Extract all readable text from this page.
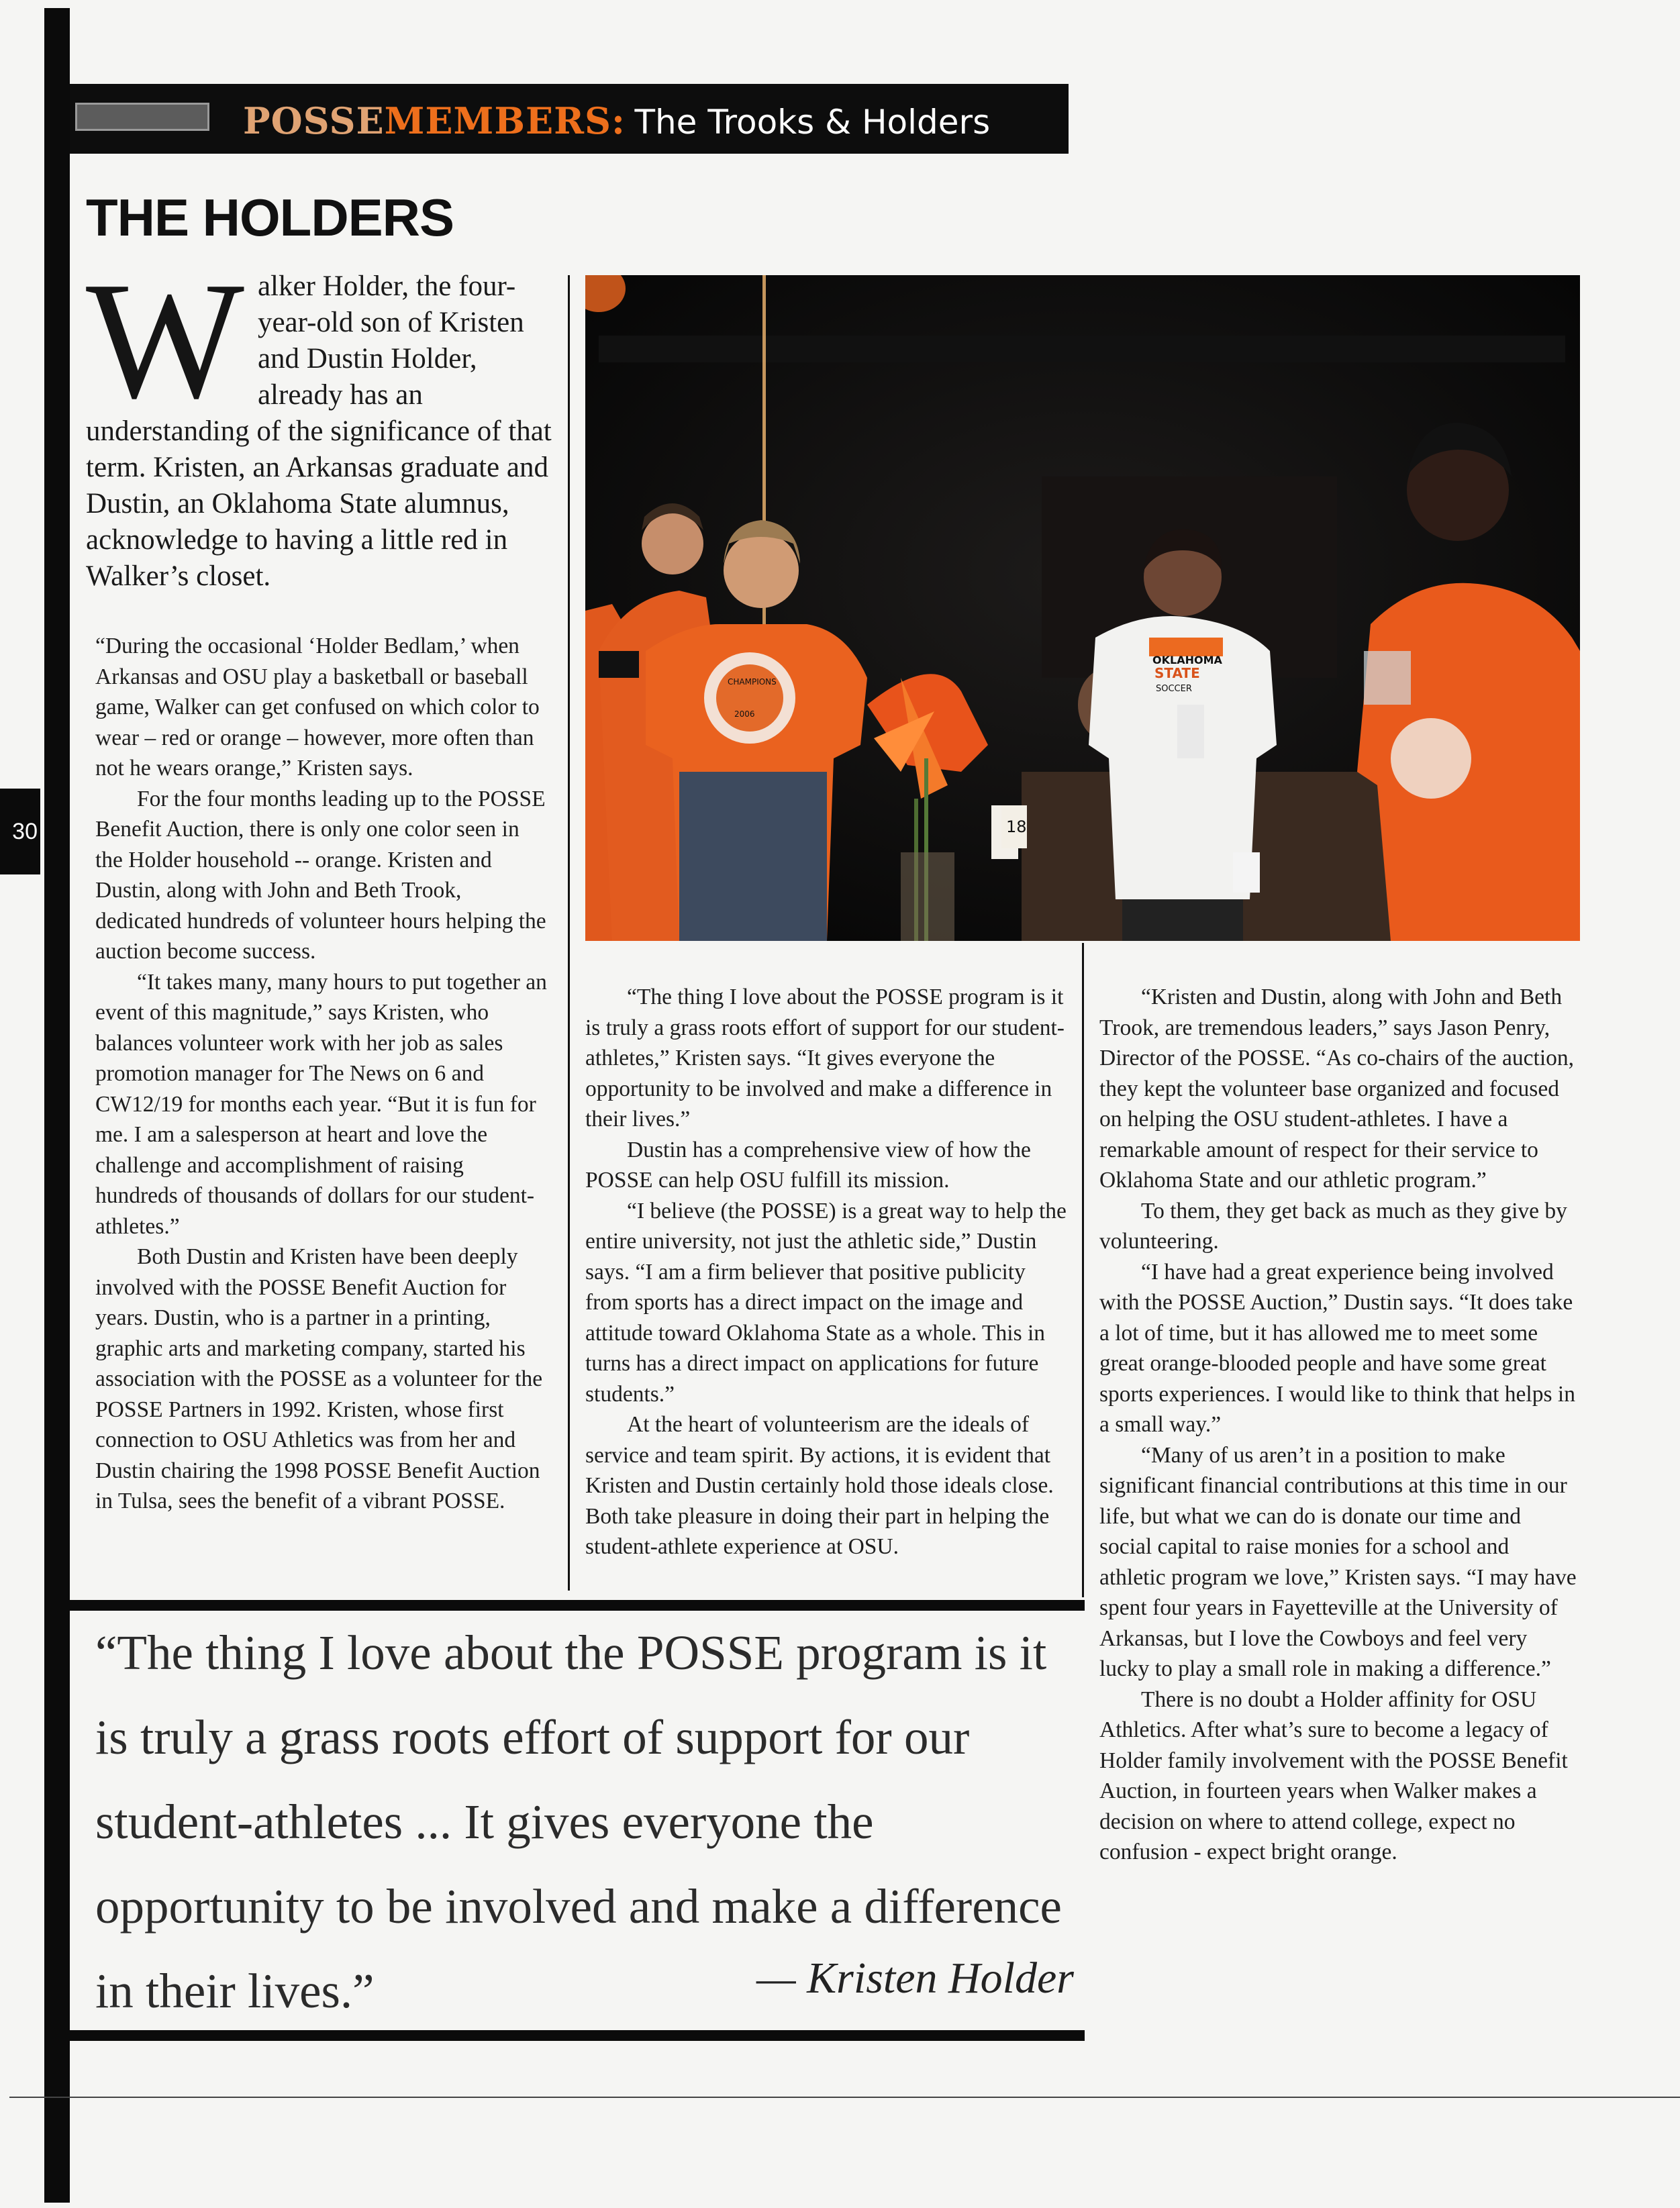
30
POSSEMEMBERS: The Trooks & Holders
THE HOLDERS

Walker Holder, the four-year-old son of Kristen and Dustin Holder, already has an understanding of the significance of that term. Kristen, an Arkansas graduate and Dustin, an Oklahoma State alumnus, acknowledge to having a little red in Walker’s closet.

“During the occasional ‘Holder Bedlam,’ when Arkansas and OSU play a basketball or baseball game, Walker can get confused on which color to wear – red or orange – however, more often than not he wears orange,” Kristen says.

For the four months leading up to the POSSE Benefit Auction, there is only one color seen in the Holder household -- orange. Kristen and Dustin, along with John and Beth Trook, dedicated hundreds of volunteer hours helping the auction become success.

“It takes many, many hours to put together an event of this magnitude,” says Kristen, who balances volunteer work with her job as sales promotion manager for The News on 6 and CW12/19 for months each year. “But it is fun for me. I am a salesperson at heart and love the challenge and accomplishment of raising hundreds of thousands of dollars for our student-athletes.”

Both Dustin and Kristen have been deeply involved with the POSSE Benefit Auction for years. Dustin, who is a partner in a printing, graphic arts and marketing company, started his association with the POSSE as a volunteer for the POSSE Partners in 1992. Kristen, whose first connection to OSU Athletics was from her and Dustin chairing the 1998 POSSE Benefit Auction in Tulsa, sees the benefit of a vibrant POSSE.

OKLAHOMA
STATE
SOCCER
CHAMPIONS
2006
18

“The thing I love about the POSSE program is it is truly a grass roots effort of support for our student-athletes,” Kristen says. “It gives everyone the opportunity to be involved and make a difference in their lives.”

Dustin has a comprehensive view of how the POSSE can help OSU fulfill its mission.

“I believe (the POSSE) is a great way to help the entire university, not just the athletic side,” Dustin says. “I am a firm believer that positive publicity from sports has a direct impact on the image and attitude toward Oklahoma State as a whole. This in turns has a direct impact on applications for future students.”

At the heart of volunteerism are the ideals of service and team spirit. By actions, it is evident that Kristen and Dustin certainly hold those ideals close. Both take pleasure in doing their part in helping the student-athlete experience at OSU.

“Kristen and Dustin, along with John and Beth Trook, are tremendous leaders,” says Jason Penry, Director of the POSSE. “As co-chairs of the auction, they kept the volunteer base organized and focused on helping the OSU student-athletes. I have a remarkable amount of respect for their service to Oklahoma State and our athletic program.”

To them, they get back as much as they give by volunteering.

“I have had a great experience being involved with the POSSE Auction,” Dustin says. “It does take a lot of time, but it has allowed me to meet some great orange-blooded people and have some great sports experiences. I would like to think that helps in a small way.”

“Many of us aren’t in a position to make significant financial contributions at this time in our life, but what we can do is donate our time and social capital to raise monies for a school and athletic program we love,” Kristen says. “I may have spent four years in Fayetteville at the University of Arkansas, but I love the Cowboys and feel very lucky to play a small role in making a difference.”

There is no doubt a Holder affinity for OSU Athletics. After what’s sure to become a legacy of Holder family involvement with the POSSE Benefit Auction, in fourteen years when Walker makes a decision on where to attend college, expect no confusion - expect bright orange.

“The thing I love about the POSSE program is it is truly a grass roots effort of support for our student-athletes ... It gives everyone the opportunity to be involved and make a difference in their lives.”	— Kristen Holder
